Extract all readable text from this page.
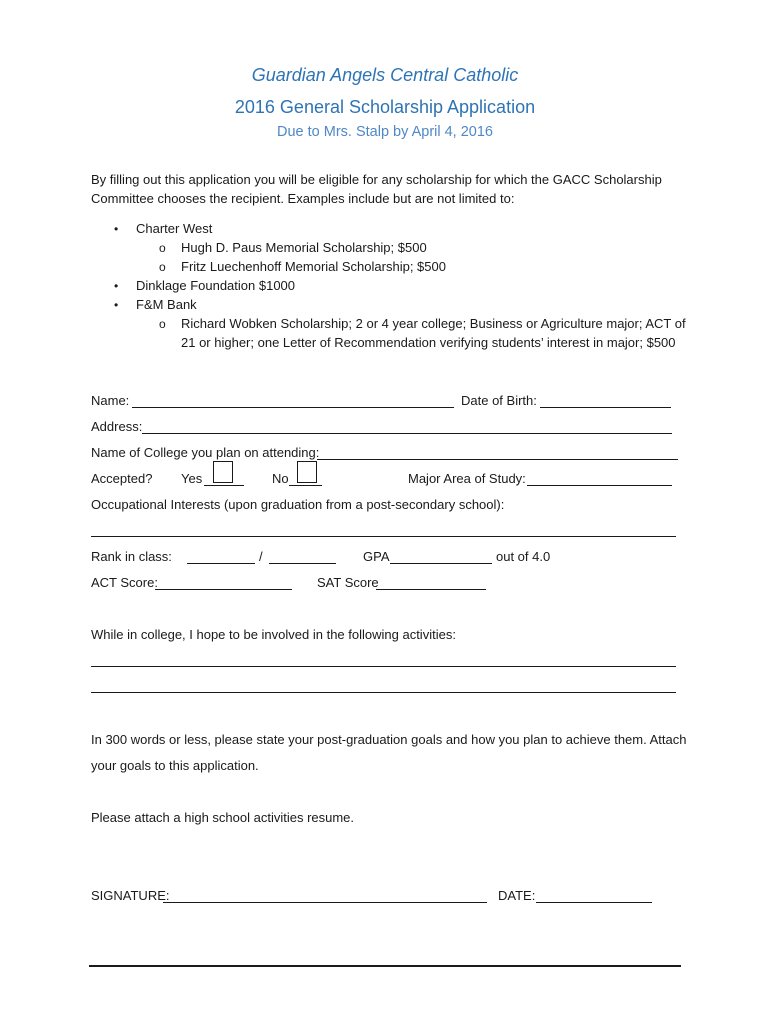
Guardian Angels Central Catholic
2016 General Scholarship Application
Due to Mrs. Stalp by April 4, 2016
By filling out this application you will be eligible for any scholarship for which the GACC Scholarship
Committee chooses the recipient. Examples include but are not limited to:
• Charter West
o Hugh D. Paus Memorial Scholarship; $500
o Fritz Luechenhoff Memorial Scholarship; $500
• Dinklage Foundation $1000
• F&M Bank
o Richard Wobken Scholarship; 2 or 4 year college; Business or Agriculture major; ACT of
21 or higher; one Letter of Recommendation verifying students’ interest in major; $500
Name:	Date of Birth:
Address:
Name of College you plan on attending:
Accepted? Yes	No	Major Area of Study:
Occupational Interests (upon graduation from a post-secondary school):
Rank in class:	/	GPA	out of 4.0
ACT Score:	SAT Score
While in college, I hope to be involved in the following activities:
In 300 words or less, please state your post-graduation goals and how you plan to achieve them. Attach
your goals to this application.
Please attach a high school activities resume.
SIGNATURE:	DATE:
